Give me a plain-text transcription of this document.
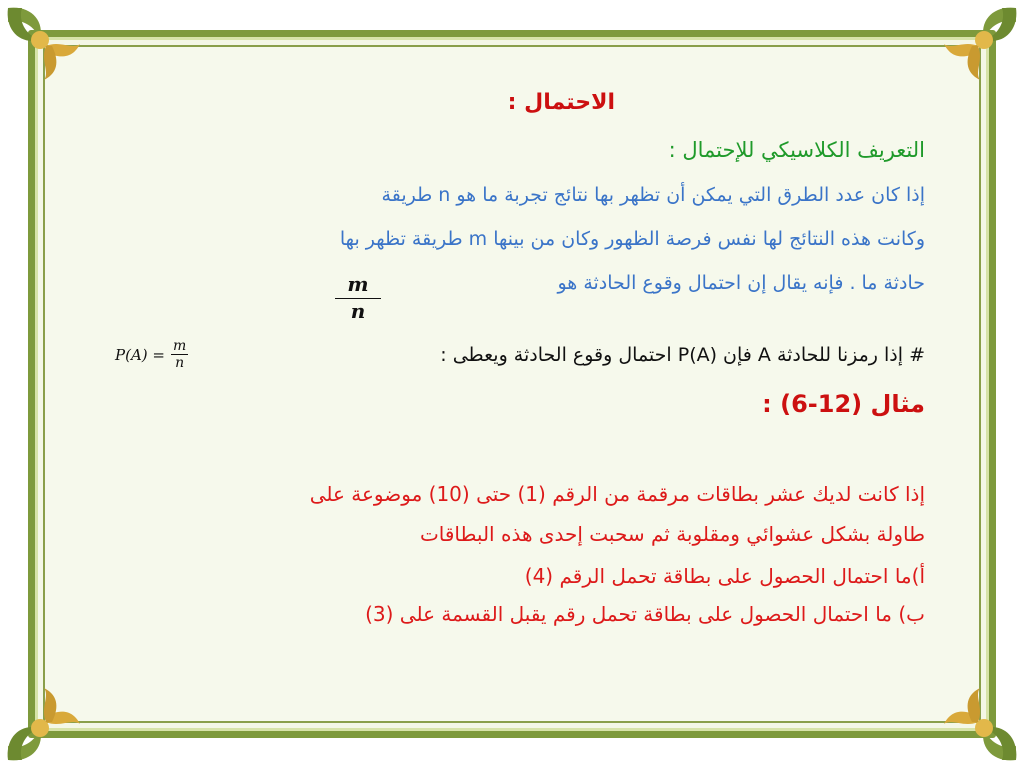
الاحتمال :
التعريف الكلاسيكي للإحتمال :
إذا كان عدد الطرق التي يمكن أن تظهر بها نتائج تجربة ما هو n طريقة
وكانت هذه النتائج لها نفس فرصة الظهور وكان من بينها m طريقة تظهر بها
حادثة ما . فإنه يقال إن احتمال وقوع الحادثة هو
$\frac{m}{n}$
# إذا رمزنا للحادثة A فإن P(A) احتمال وقوع الحادثة ويعطى :
$P(A) = \frac{m}{n}$
مثال (12-6) :
إذا كانت لديك عشر بطاقات مرقمة من الرقم (1) حتى (10) موضوعة على
طاولة بشكل عشوائي ومقلوبة ثم سحبت إحدى هذه البطاقات
أ)ما احتمال الحصول على بطاقة تحمل الرقم (4)
ب) ما احتمال الحصول على بطاقة تحمل رقم يقبل القسمة على (3)
